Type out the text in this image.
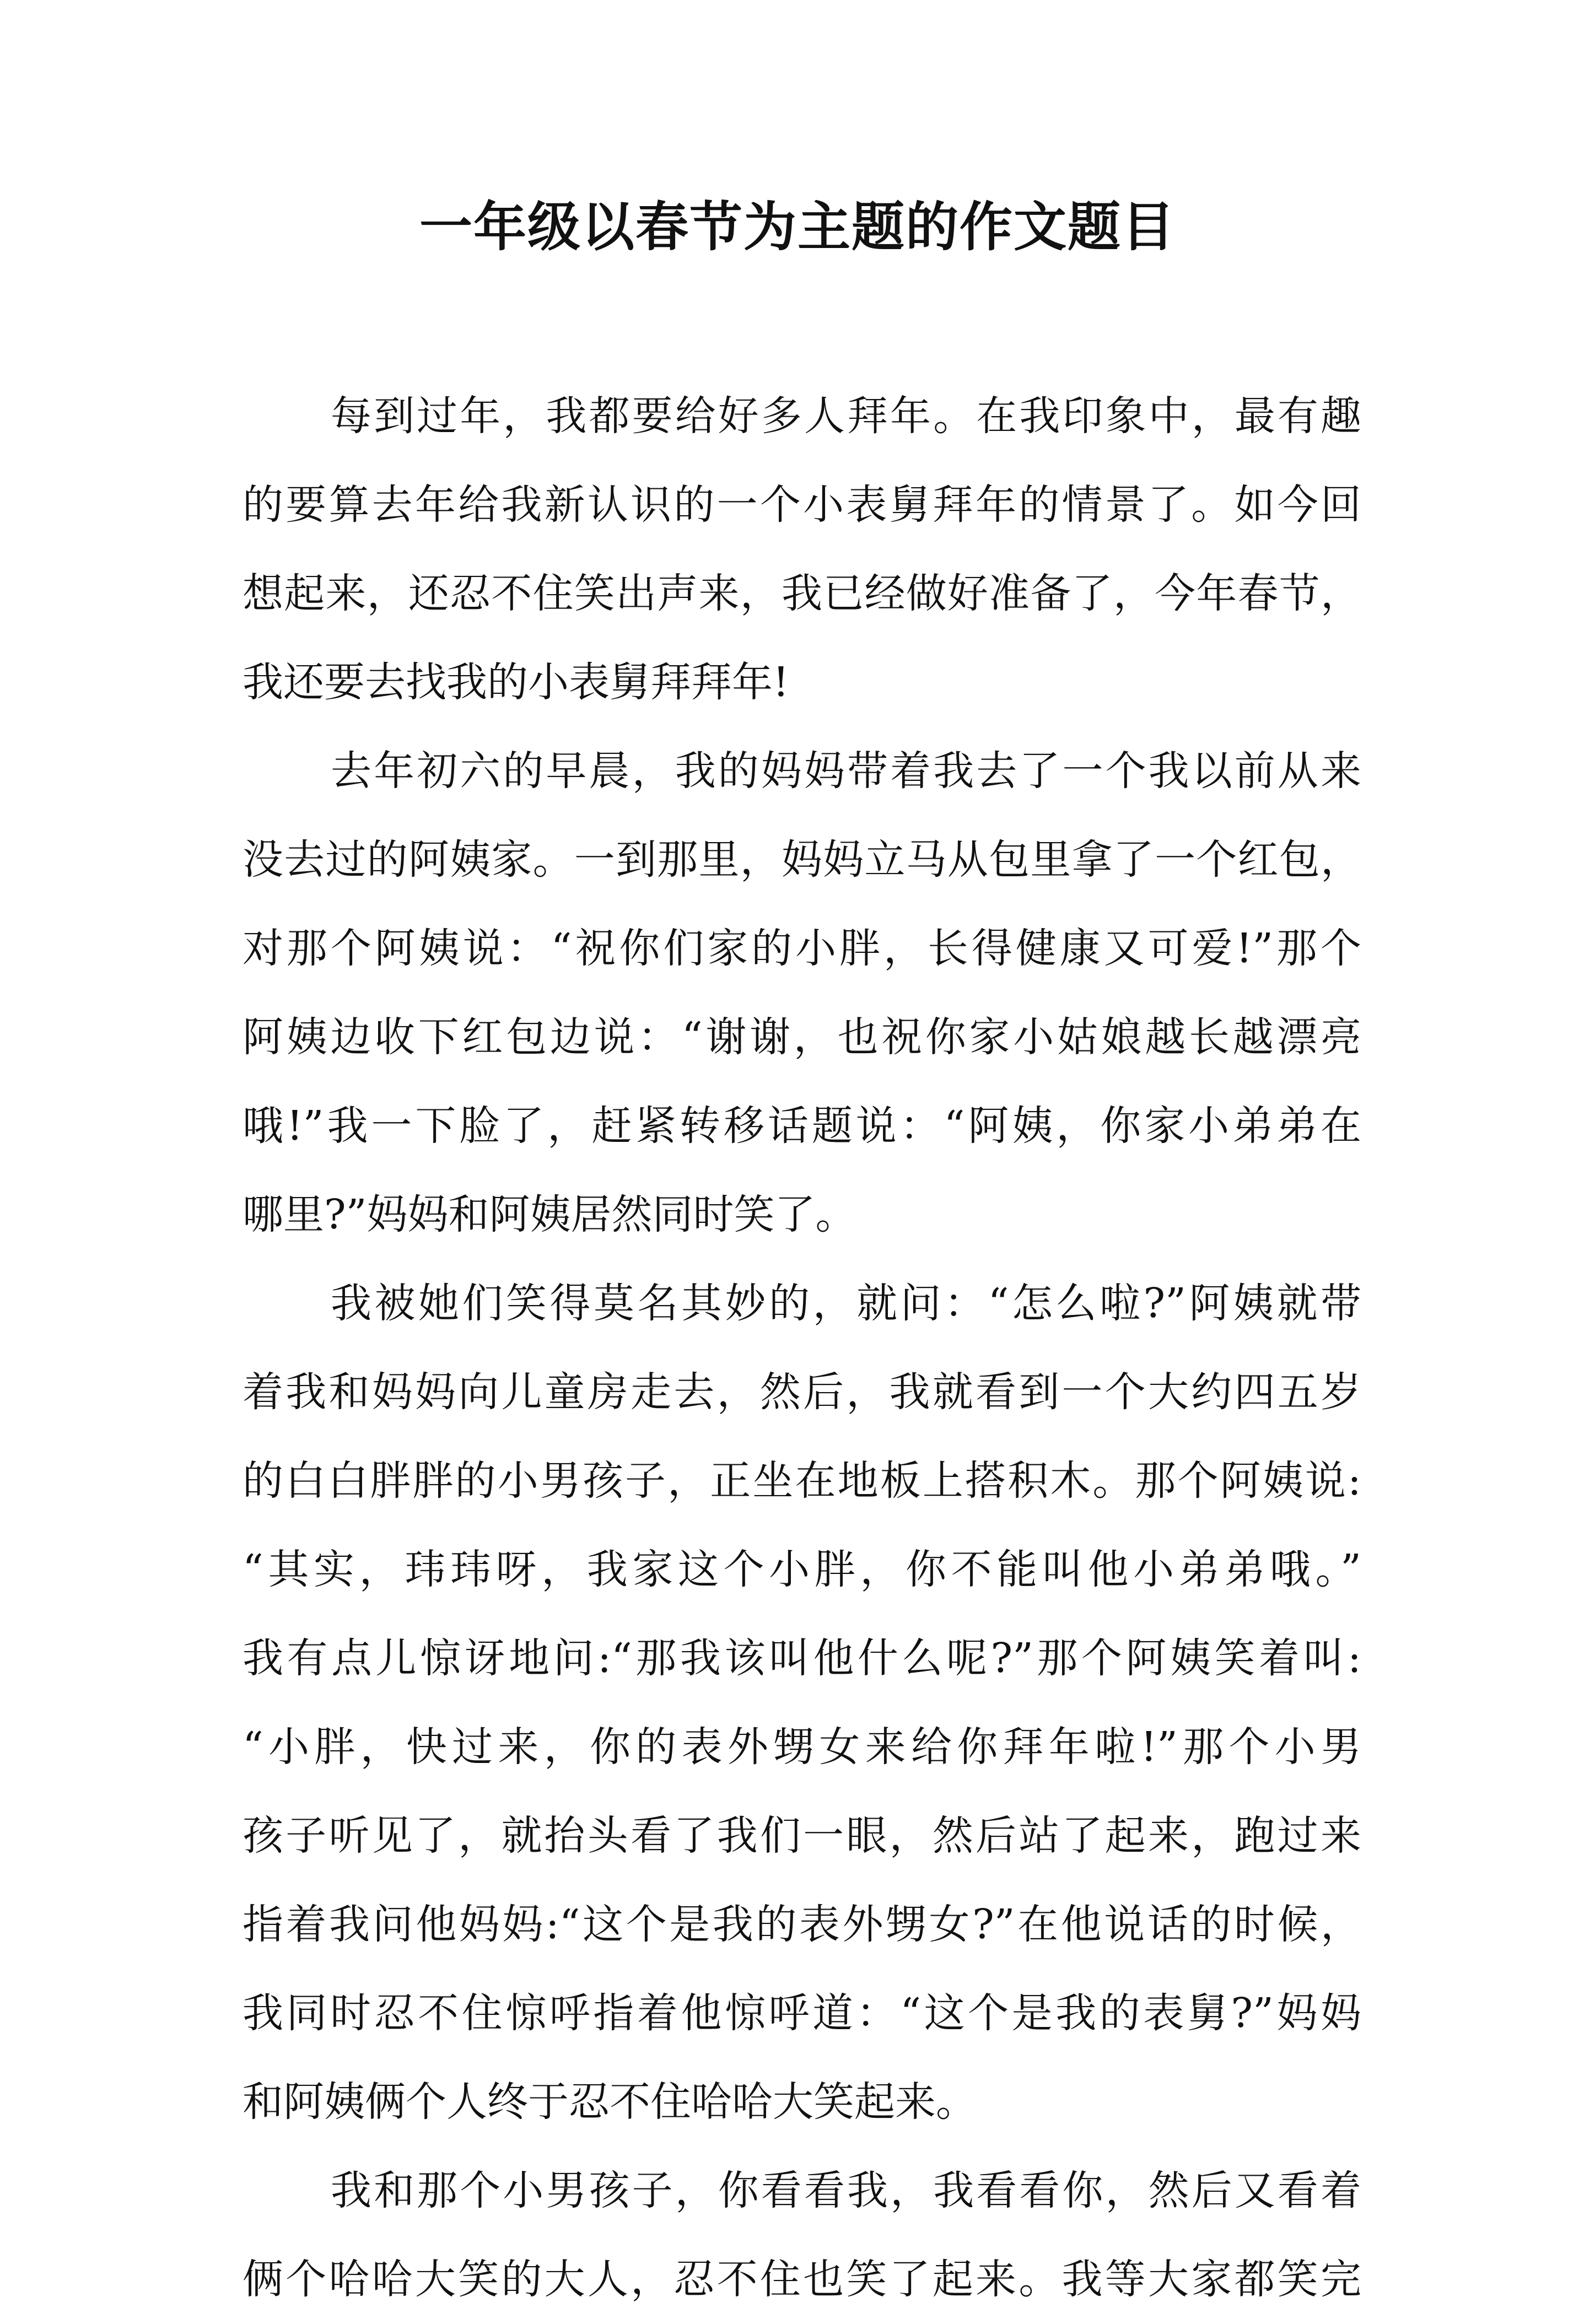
一年级以春节为主题的作文题目
每到过年，我都要给好多人拜年。在我印象中，最有趣
的要算去年给我新认识的一个小表舅拜年的情景了。如今回
想起来，还忍不住笑出声来，我已经做好准备了，今年春节，
我还要去找我的小表舅拜拜年!
去年初六的早晨，我的妈妈带着我去了一个我以前从来
没去过的阿姨家。一到那里，妈妈立马从包里拿了一个红包，
对那个阿姨说：“祝你们家的小胖，长得健康又可爱!”那个
阿姨边收下红包边说：“谢谢，也祝你家小姑娘越长越漂亮
哦!”我一下脸了，赶紧转移话题说：“阿姨，你家小弟弟在
哪里?”妈妈和阿姨居然同时笑了。
我被她们笑得莫名其妙的，就问：“怎么啦?”阿姨就带
着我和妈妈向儿童房走去，然后，我就看到一个大约四五岁
的白白胖胖的小男孩子，正坐在地板上搭积木。那个阿姨说:
“其实，玮玮呀，我家这个小胖，你不能叫他小弟弟哦。”
我有点儿惊讶地问:“那我该叫他什么呢?”那个阿姨笑着叫:
“小胖，快过来，你的表外甥女来给你拜年啦!”那个小男
孩子听见了，就抬头看了我们一眼，然后站了起来，跑过来
指着我问他妈妈:“这个是我的表外甥女?”在他说话的时候，
我同时忍不住惊呼指着他惊呼道：“这个是我的表舅?”妈妈
和阿姨俩个人终于忍不住哈哈大笑起来。
我和那个小男孩子，你看看我，我看看你，然后又看着
俩个哈哈大笑的大人，忍不住也笑了起来。我等大家都笑完
